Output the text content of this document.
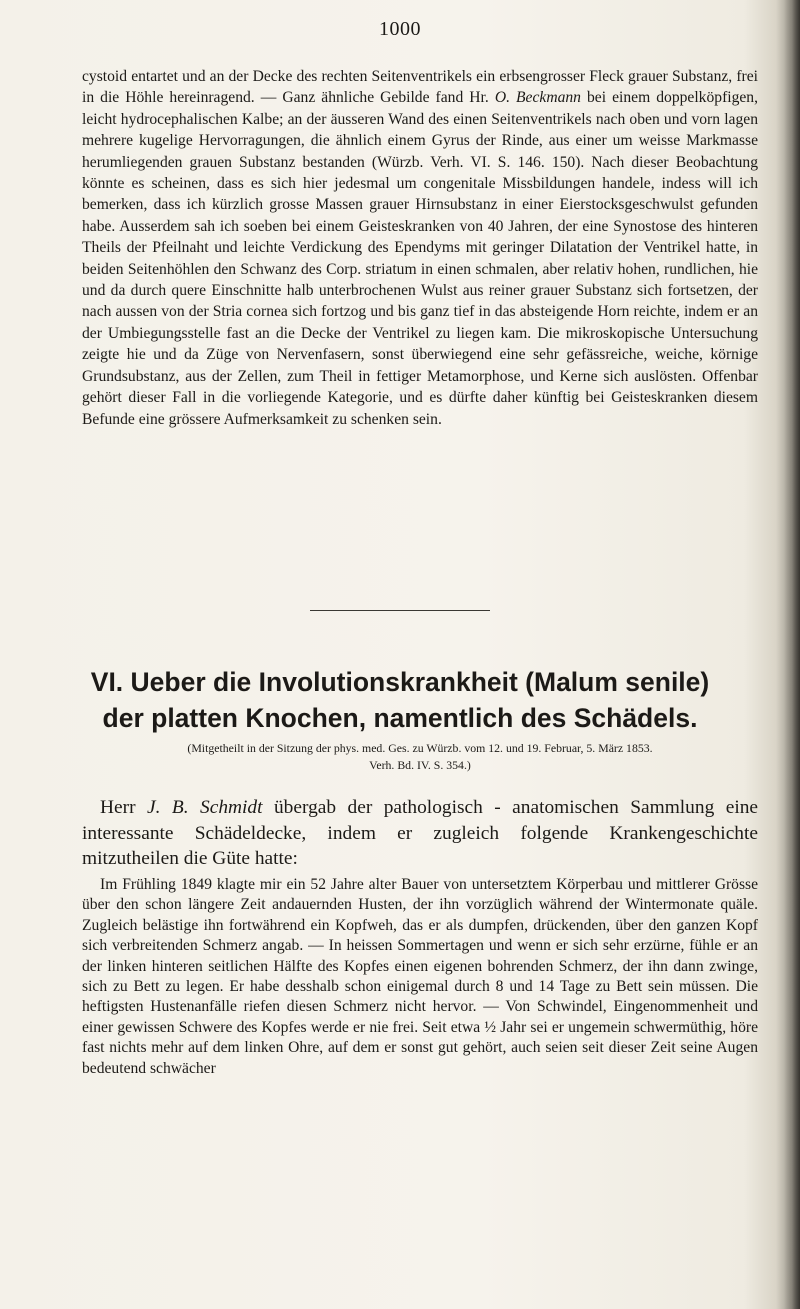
1000

cystoid entartet und an der Decke des rechten Seitenventrikels ein erbsengrosser Fleck grauer Substanz, frei in die Höhle hereinragend. — Ganz ähnliche Gebilde fand Hr. O. Beckmann bei einem doppelköpfigen, leicht hydrocephalischen Kalbe; an der äusseren Wand des einen Seitenventrikels nach oben und vorn lagen mehrere kugelige Hervorragungen, die ähnlich einem Gyrus der Rinde, aus einer um weisse Markmasse herumliegenden grauen Substanz bestanden (Würzb. Verh. VI. S. 146. 150). Nach dieser Beobachtung könnte es scheinen, dass es sich hier jedesmal um congenitale Missbildungen handele, indess will ich bemerken, dass ich kürzlich grosse Massen grauer Hirnsubstanz in einer Eierstocksgeschwulst gefunden habe. Ausserdem sah ich soeben bei einem Geisteskranken von 40 Jahren, der eine Synostose des hinteren Theils der Pfeilnaht und leichte Verdickung des Ependyms mit geringer Dilatation der Ventrikel hatte, in beiden Seitenhöhlen den Schwanz des Corp. striatum in einen schmalen, aber relativ hohen, rundlichen, hie und da durch quere Einschnitte halb unterbrochenen Wulst aus reiner grauer Substanz sich fortsetzen, der nach aussen von der Stria cornea sich fortzog und bis ganz tief in das absteigende Horn reichte, indem er an der Umbiegungsstelle fast an die Decke der Ventrikel zu liegen kam. Die mikroskopische Untersuchung zeigte hie und da Züge von Nervenfasern, sonst überwiegend eine sehr gefässreiche, weiche, körnige Grundsubstanz, aus der Zellen, zum Theil in fettiger Metamorphose, und Kerne sich auslösten. Offenbar gehört dieser Fall in die vorliegende Kategorie, und es dürfte daher künftig bei Geisteskranken diesem Befunde eine grössere Aufmerksamkeit zu schenken sein.

VI. Ueber die Involutionskrankheit (Malum senile)
der platten Knochen, namentlich des Schädels.

(Mitgetheilt in der Sitzung der phys. med. Ges. zu Würzb. vom 12. und 19. Februar, 5. März 1853.
Verh. Bd. IV. S. 354.)

Herr J. B. Schmidt übergab der pathologisch - anatomischen Sammlung eine interessante Schädeldecke, indem er zugleich folgende Krankengeschichte mitzutheilen die Güte hatte:

Im Frühling 1849 klagte mir ein 52 Jahre alter Bauer von untersetztem Körperbau und mittlerer Grösse über den schon längere Zeit andauernden Husten, der ihn vorzüglich während der Wintermonate quäle. Zugleich belästige ihn fortwährend ein Kopfweh, das er als dumpfen, drückenden, über den ganzen Kopf sich verbreitenden Schmerz angab. — In heissen Sommertagen und wenn er sich sehr erzürne, fühle er an der linken hinteren seitlichen Hälfte des Kopfes einen eigenen bohrenden Schmerz, der ihn dann zwinge, sich zu Bett zu legen. Er habe desshalb schon einigemal durch 8 und 14 Tage zu Bett sein müssen. Die heftigsten Hustenanfälle riefen diesen Schmerz nicht hervor. — Von Schwindel, Eingenommenheit und einer gewissen Schwere des Kopfes werde er nie frei. Seit etwa ½ Jahr sei er ungemein schwermüthig, höre fast nichts mehr auf dem linken Ohre, auf dem er sonst gut gehört, auch seien seit dieser Zeit seine Augen bedeutend schwächer
